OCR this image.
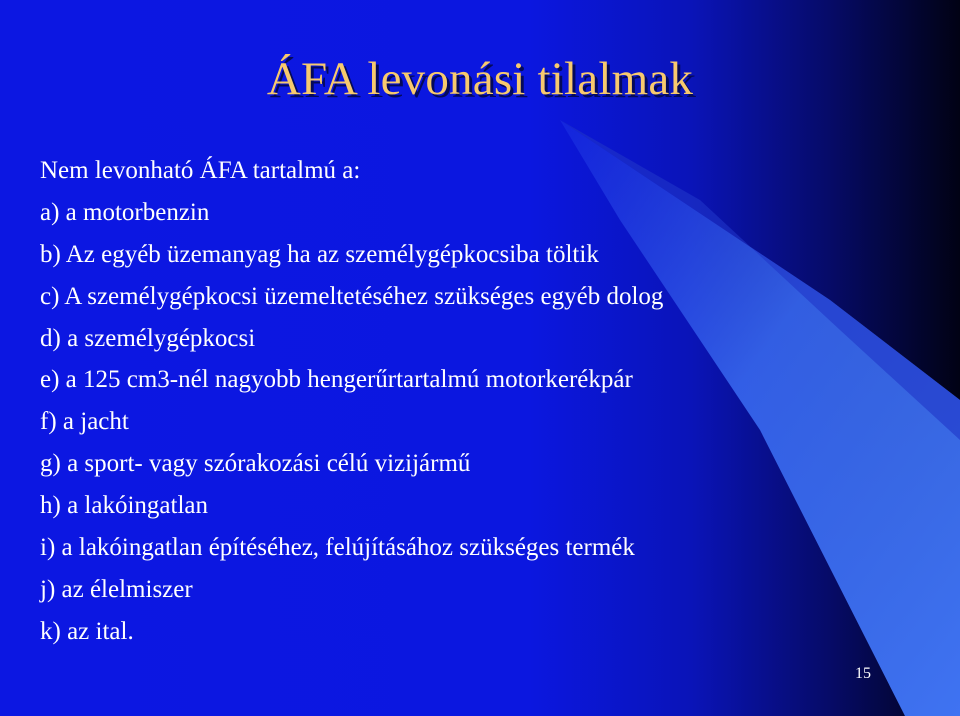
ÁFA levonási tilalmak
Nem levonható ÁFA tartalmú a:
a) a motorbenzin
b) Az egyéb üzemanyag ha az személygépkocsiba töltik
c) A személygépkocsi üzemeltetéséhez szükséges egyéb dolog
d) a személygépkocsi
e) a 125 cm3-nél nagyobb hengerűrtartalmú motorkerékpár
f) a jacht
g) a sport- vagy szórakozási célú vizijármű
h) a lakóingatlan
i) a lakóingatlan építéséhez, felújításához szükséges termék
j) az élelmiszer
k) az ital.
15
